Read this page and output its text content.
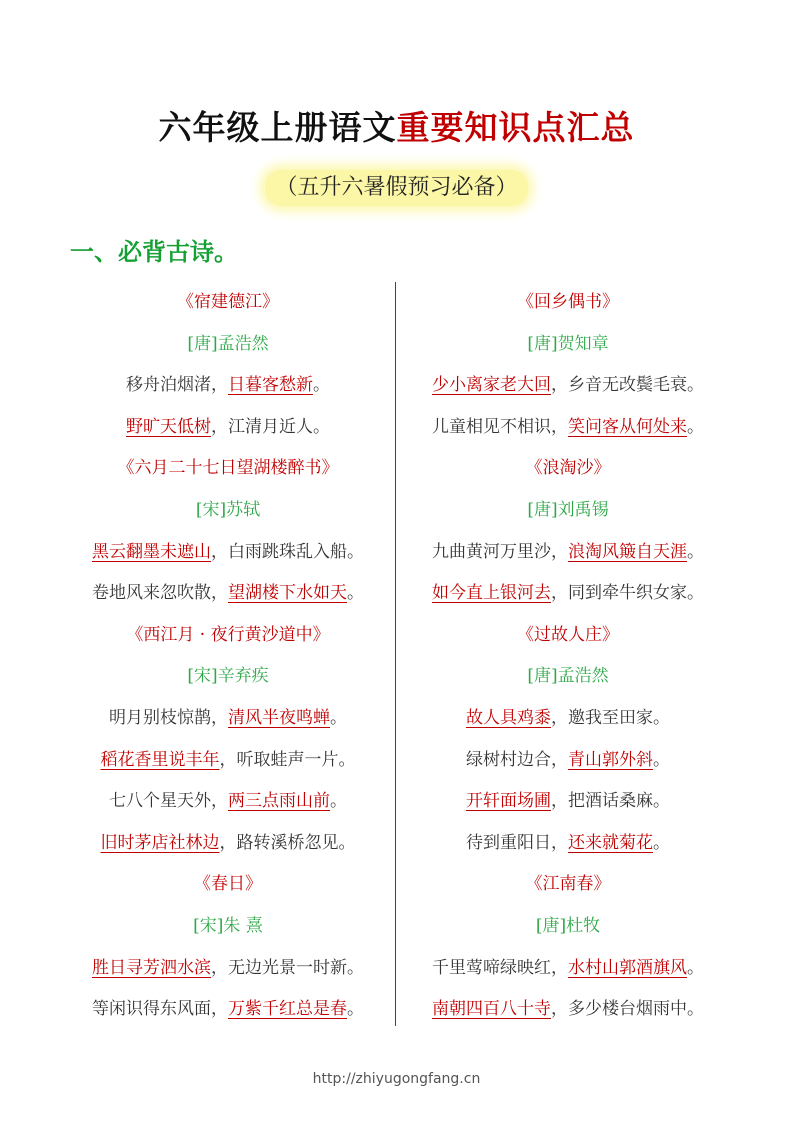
六年级上册语文重要知识点汇总
（五升六暑假预习必备）
一、必背古诗。
《宿建德江》
[唐]孟浩然
移舟泊烟渚，日暮客愁新。
野旷天低树，江清月近人。
《六月二十七日望湖楼醉书》
[宋]苏轼
黑云翻墨未遮山，白雨跳珠乱入船。
卷地风来忽吹散，望湖楼下水如天。
《西江月 · 夜行黄沙道中》
[宋]辛弃疾
明月别枝惊鹊，清风半夜鸣蝉。
稻花香里说丰年，听取蛙声一片。
七八个星天外，两三点雨山前。
旧时茅店社林边，路转溪桥忽见。
《春日》
[宋]朱 熹
胜日寻芳泗水滨，无边光景一时新。
等闲识得东风面，万紫千红总是春。
《回乡偶书》
[唐]贺知章
少小离家老大回，乡音无改鬓毛衰。
儿童相见不相识，笑问客从何处来。
《浪淘沙》
[唐]刘禹锡
九曲黄河万里沙，浪淘风簸自天涯。
如今直上银河去，同到牵牛织女家。
《过故人庄》
[唐]孟浩然
故人具鸡黍，邀我至田家。
绿树村边合，青山郭外斜。
开轩面场圃，把酒话桑麻。
待到重阳日，还来就菊花。
《江南春》
[唐]杜牧
千里莺啼绿映红，水村山郭酒旗风。
南朝四百八十寺，多少楼台烟雨中。
http://zhiyugongfang.cn
